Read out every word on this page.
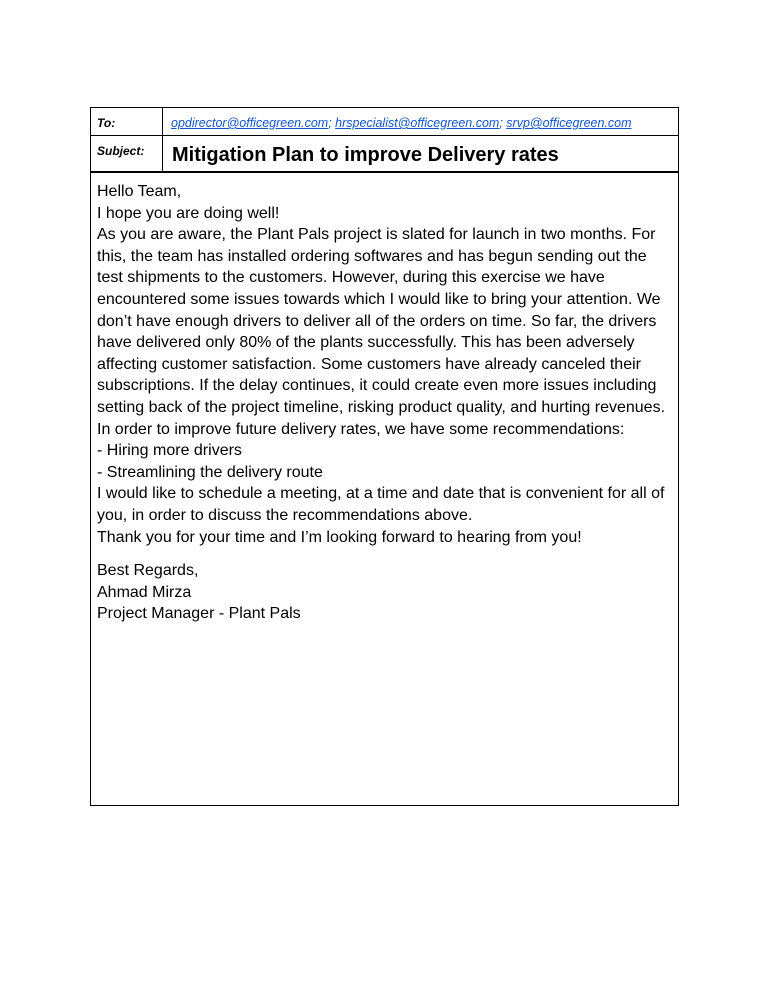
To:	opdirector@officegreen.com; hrspecialist@officegreen.com; srvp@officegreen.com
Subject:	Mitigation Plan to improve Delivery rates
Hello Team,
I hope you are doing well!
As you are aware, the Plant Pals project is slated for launch in two months. For this, the team has installed ordering softwares and has begun sending out the test shipments to the customers. However, during this exercise we have encountered some issues towards which I would like to bring your attention. We don’t have enough drivers to deliver all of the orders on time. So far, the drivers have delivered only 80% of the plants successfully. This has been adversely affecting customer satisfaction. Some customers have already canceled their subscriptions. If the delay continues, it could create even more issues including setting back of the project timeline, risking product quality, and hurting revenues. In order to improve future delivery rates, we have some recommendations:
- Hiring more drivers
- Streamlining the delivery route
I would like to schedule a meeting, at a time and date that is convenient for all of you, in order to discuss the recommendations above.
Thank you for your time and I’m looking forward to hearing from you!
Best Regards,
Ahmad Mirza
Project Manager - Plant Pals
